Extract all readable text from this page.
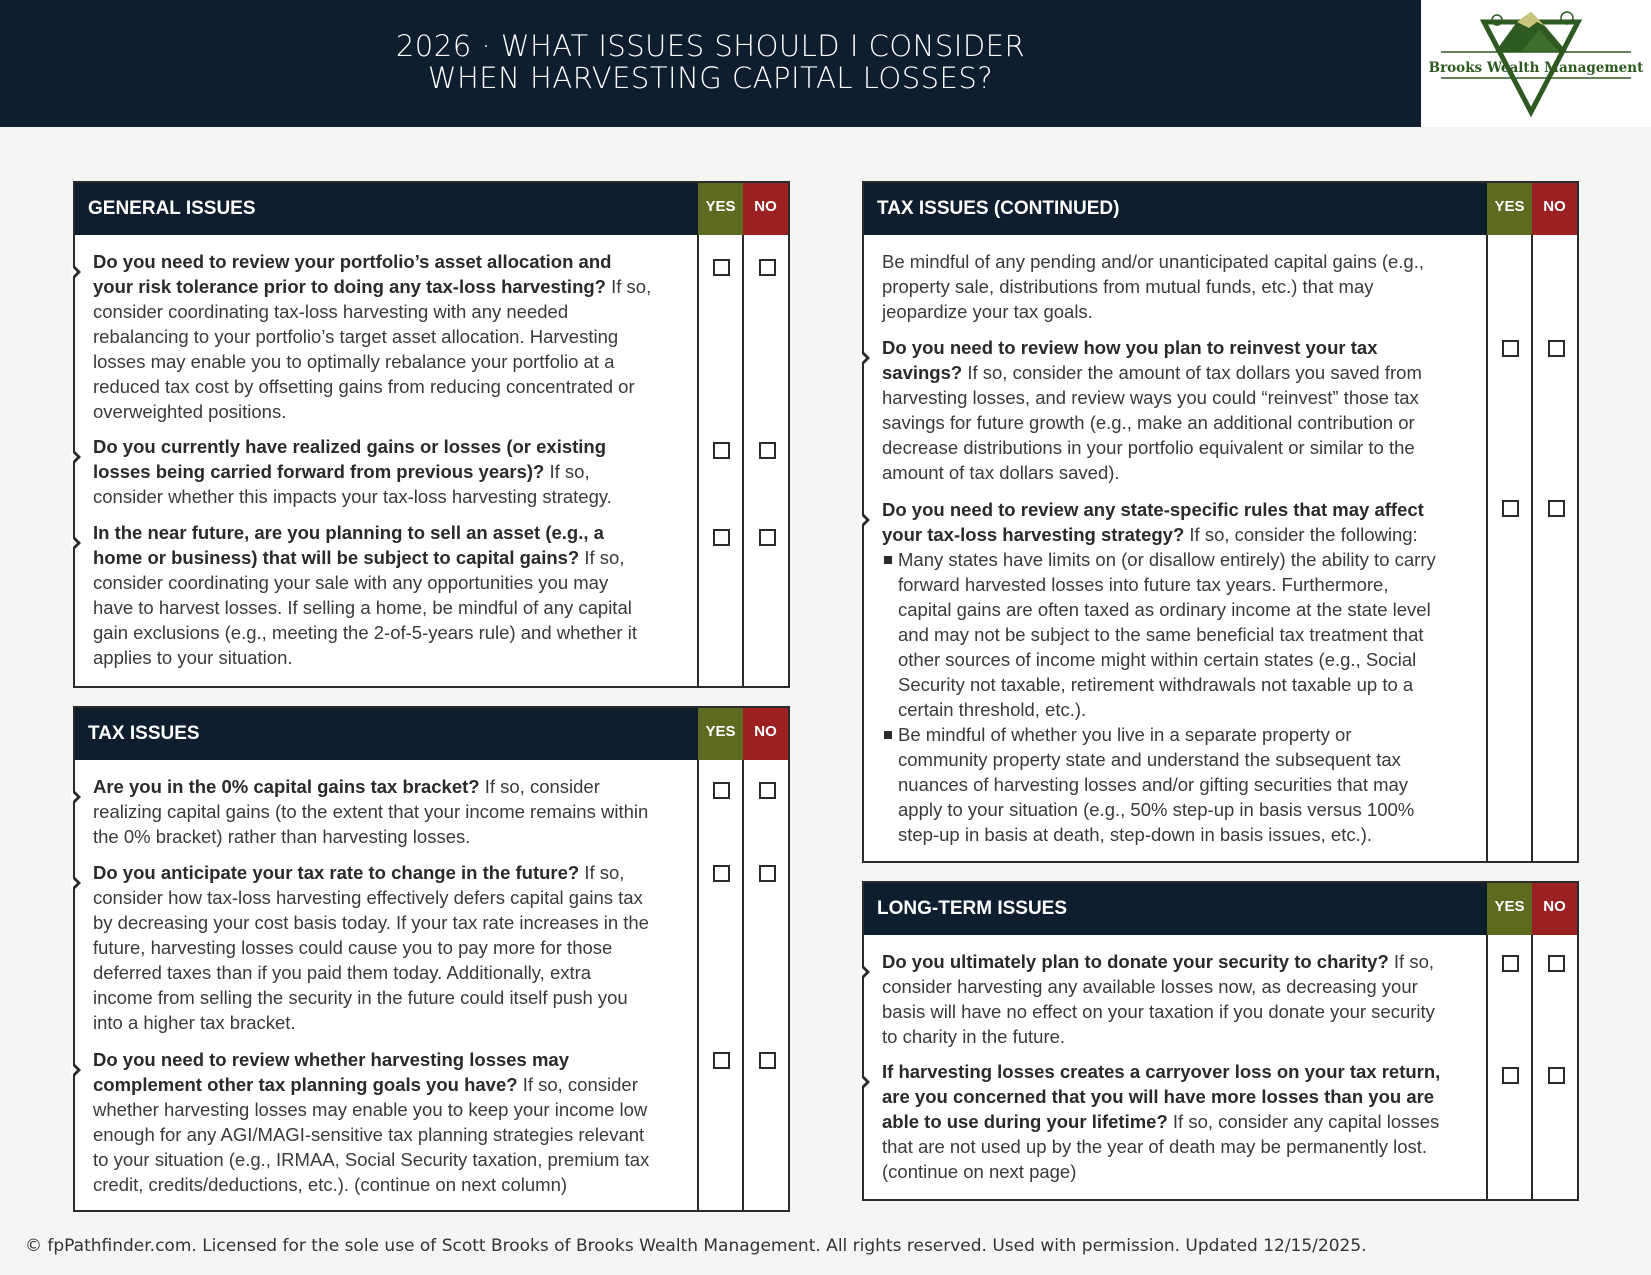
2026 · WHAT ISSUES SHOULD I CONSIDER
WHEN HARVESTING CAPITAL LOSSES?	Brooks Wealth Management
GENERAL ISSUES	YES	NO
Do you need to review your portfolio’s asset allocation and your risk tolerance prior to doing any tax-loss harvesting? If so, consider coordinating tax-loss harvesting with any needed rebalancing to your portfolio’s target asset allocation. Harvesting losses may enable you to optimally rebalance your portfolio at a reduced tax cost by offsetting gains from reducing concentrated or overweighted positions.
Do you currently have realized gains or losses (or existing losses being carried forward from previous years)? If so, consider whether this impacts your tax-loss harvesting strategy.
In the near future, are you planning to sell an asset (e.g., a home or business) that will be subject to capital gains? If so, consider coordinating your sale with any opportunities you may have to harvest losses. If selling a home, be mindful of any capital gain exclusions (e.g., meeting the 2-of-5-years rule) and whether it applies to your situation.
TAX ISSUES	YES	NO
Are you in the 0% capital gains tax bracket? If so, consider realizing capital gains (to the extent that your income remains within the 0% bracket) rather than harvesting losses.
Do you anticipate your tax rate to change in the future? If so, consider how tax-loss harvesting effectively defers capital gains tax by decreasing your cost basis today. If your tax rate increases in the future, harvesting losses could cause you to pay more for those deferred taxes than if you paid them today. Additionally, extra income from selling the security in the future could itself push you into a higher tax bracket.
Do you need to review whether harvesting losses may complement other tax planning goals you have? If so, consider whether harvesting losses may enable you to keep your income low enough for any AGI/MAGI-sensitive tax planning strategies relevant to your situation (e.g., IRMAA, Social Security taxation, premium tax credit, credits/deductions, etc.). (continue on next column)
TAX ISSUES (CONTINUED)	YES	NO
Be mindful of any pending and/or unanticipated capital gains (e.g., property sale, distributions from mutual funds, etc.) that may jeopardize your tax goals.
Do you need to review how you plan to reinvest your tax savings? If so, consider the amount of tax dollars you saved from harvesting losses, and review ways you could “reinvest” those tax savings for future growth (e.g., make an additional contribution or decrease distributions in your portfolio equivalent or similar to the amount of tax dollars saved).
Do you need to review any state-specific rules that may affect your tax-loss harvesting strategy? If so, consider the following:
Many states have limits on (or disallow entirely) the ability to carry forward harvested losses into future tax years. Furthermore, capital gains are often taxed as ordinary income at the state level and may not be subject to the same beneficial tax treatment that other sources of income might within certain states (e.g., Social Security not taxable, retirement withdrawals not taxable up to a certain threshold, etc.).
Be mindful of whether you live in a separate property or community property state and understand the subsequent tax nuances of harvesting losses and/or gifting securities that may apply to your situation (e.g., 50% step-up in basis versus 100% step-up in basis at death, step-down in basis issues, etc.).
LONG-TERM ISSUES	YES	NO
Do you ultimately plan to donate your security to charity? If so, consider harvesting any available losses now, as decreasing your basis will have no effect on your taxation if you donate your security to charity in the future.
If harvesting losses creates a carryover loss on your tax return, are you concerned that you will have more losses than you are able to use during your lifetime? If so, consider any capital losses that are not used up by the year of death may be permanently lost. (continue on next page)
© fpPathfinder.com. Licensed for the sole use of Scott Brooks of Brooks Wealth Management. All rights reserved. Used with permission. Updated 12/15/2025.
